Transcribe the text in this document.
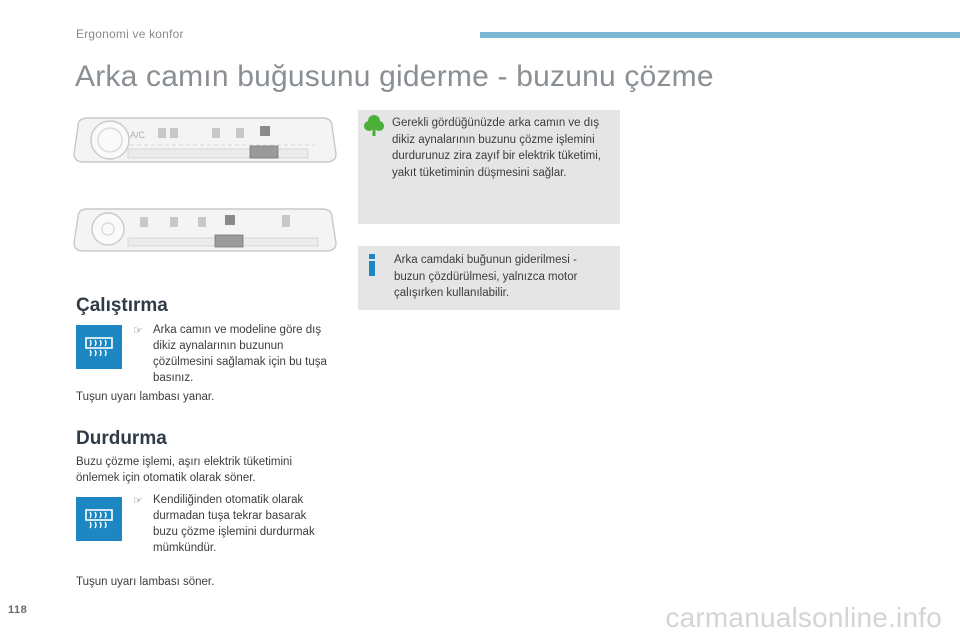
Ergonomi ve konfor
Arka camın buğusunu giderme - buzunu çözme
A/C
Çalıştırma
☞ Arka camın ve modeline göre dış dikiz aynalarının buzunun çözülmesini sağlamak için bu tuşa basınız.
Tuşun uyarı lambası yanar.
Durdurma
Buzu çözme işlemi, aşırı elektrik tüketimini önlemek için otomatik olarak söner.
☞ Kendiliğinden otomatik olarak durmadan tuşa tekrar basarak buzu çözme işlemini durdurmak mümkündür.
Tuşun uyarı lambası söner.
Gerekli gördüğünüzde arka camın ve dış dikiz aynalarının buzunu çözme işlemini durdurunuz zira zayıf bir elektrik tüketimi, yakıt tüketiminin düşmesini sağlar.
Arka camdaki buğunun giderilmesi - buzun çözdürülmesi, yalnızca motor çalışırken kullanılabilir.
118	carmanualsonline.info
